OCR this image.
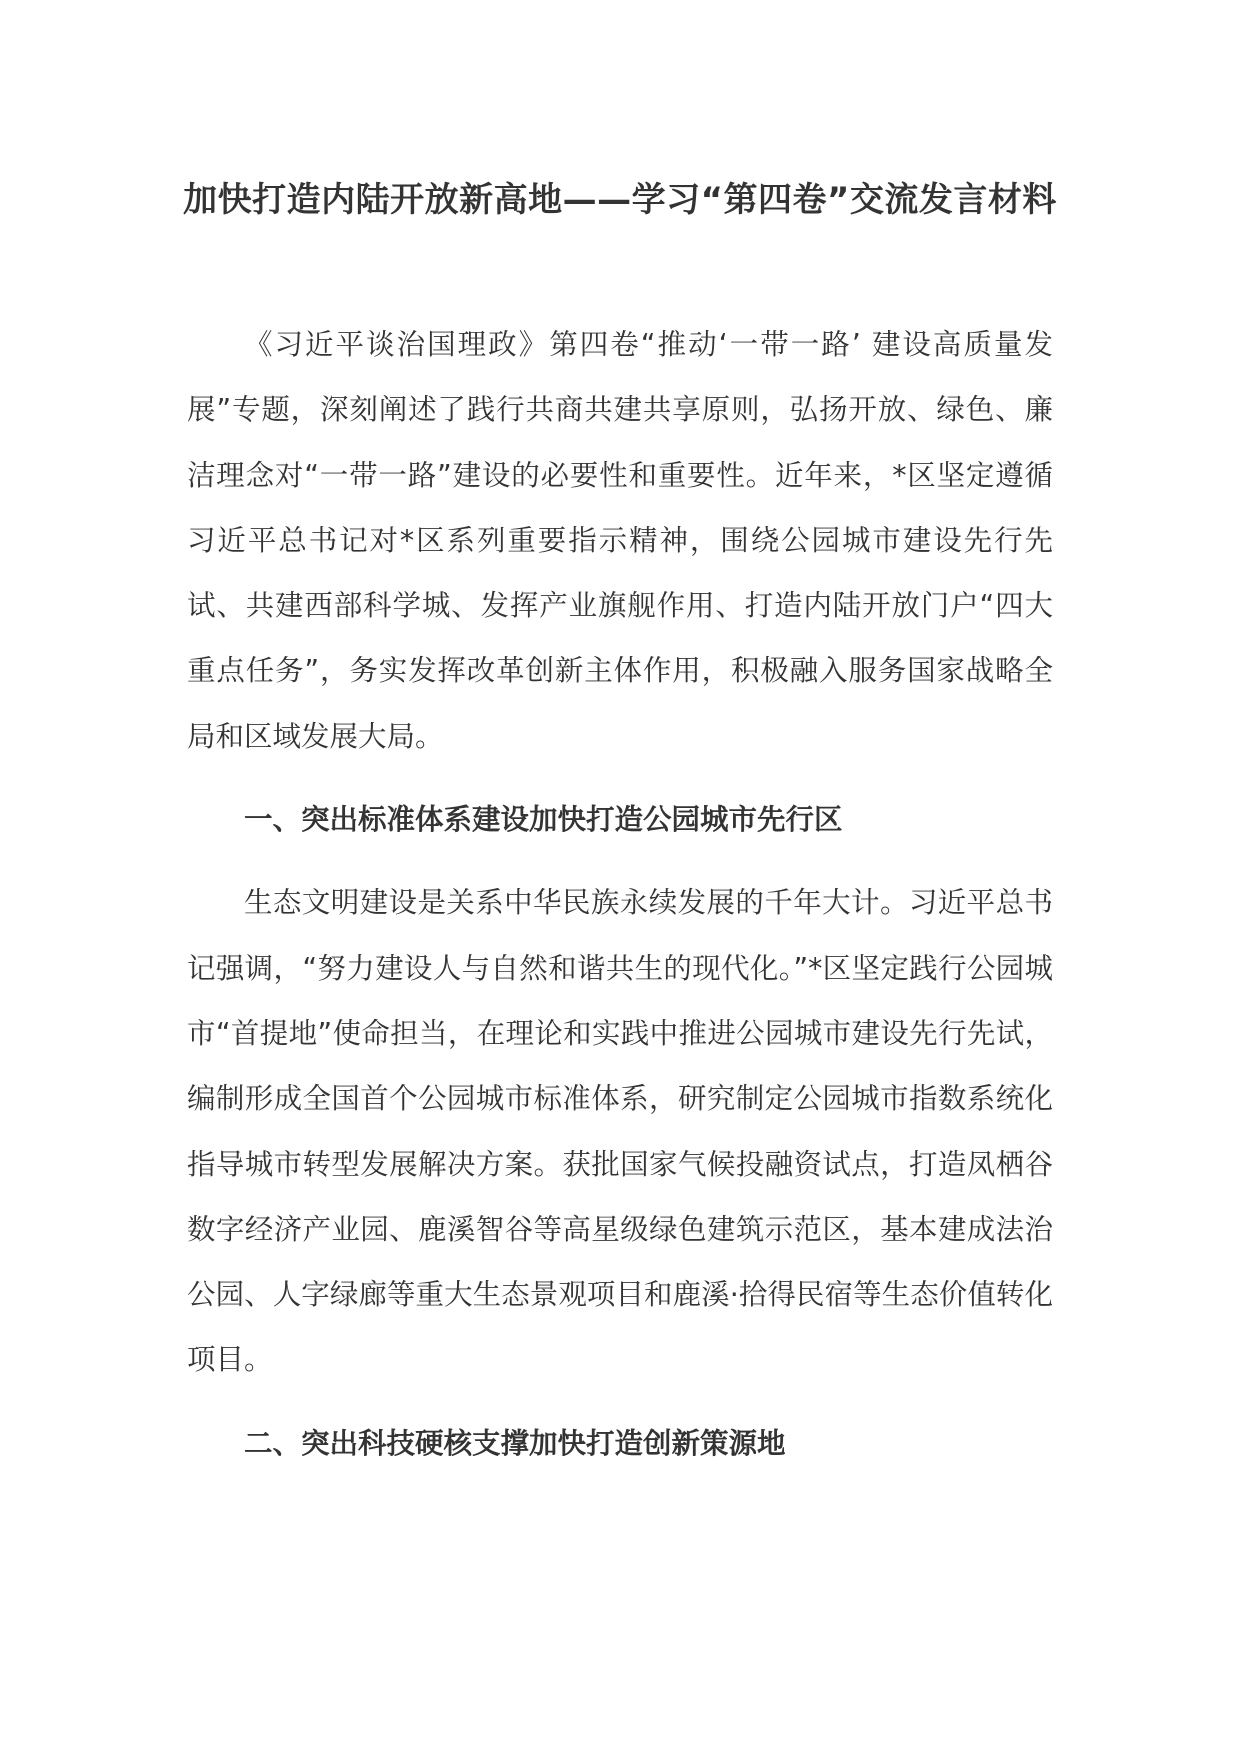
加快打造内陆开放新高地——学习“第四卷”交流发言材料

《习近平谈治国理政》第四卷“推动‘一带一路’ 建设高质量发展”专题，深刻阐述了践行共商共建共享原则，弘扬开放、绿色、廉洁理念对“一带一路”建设的必要性和重要性。近年来，*区坚定遵循习近平总书记对*区系列重要指示精神，围绕公园城市建设先行先试、共建西部科学城、发挥产业旗舰作用、打造内陆开放门户“四大重点任务”，务实发挥改革创新主体作用，积极融入服务国家战略全局和区域发展大局。

一、突出标准体系建设加快打造公园城市先行区

生态文明建设是关系中华民族永续发展的千年大计。习近平总书记强调，“努力建设人与自然和谐共生的现代化。”*区坚定践行公园城市“首提地”使命担当，在理论和实践中推进公园城市建设先行先试，编制形成全国首个公园城市标准体系，研究制定公园城市指数系统化指导城市转型发展解决方案。获批国家气候投融资试点，打造凤栖谷数字经济产业园、鹿溪智谷等高星级绿色建筑示范区，基本建成法治公园、人字绿廊等重大生态景观项目和鹿溪·拾得民宿等生态价值转化项目。

二、突出科技硬核支撑加快打造创新策源地
